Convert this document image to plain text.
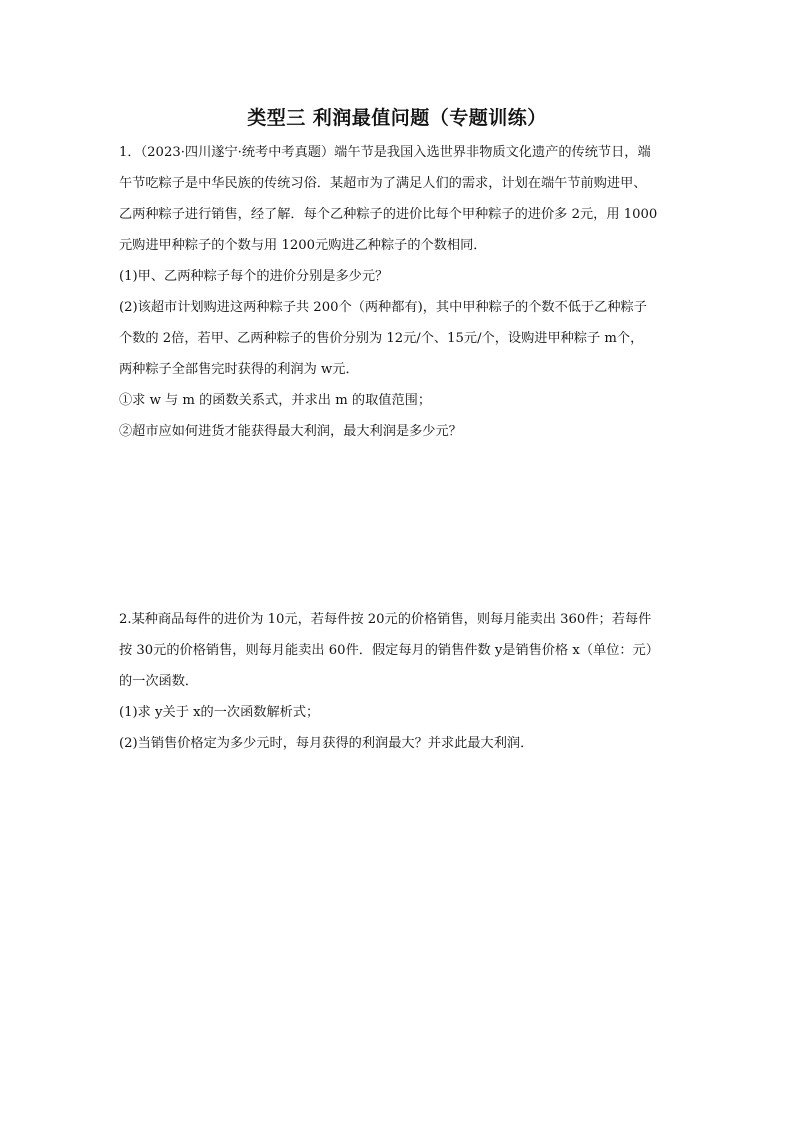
类型三 利润最值问题（专题训练）
1．（2023·四川遂宁·统考中考真题）端午节是我国入选世界非物质文化遗产的传统节日，端
午节吃粽子是中华民族的传统习俗．某超市为了满足人们的需求，计划在端午节前购进甲、
乙两种粽子进行销售，经了解．每个乙种粽子的进价比每个甲种粽子的进价多 2元，用 1000
元购进甲种粽子的个数与用 1200元购进乙种粽子的个数相同．
(1)甲、乙两种粽子每个的进价分别是多少元？
(2)该超市计划购进这两种粽子共 200个（两种都有)，其中甲种粽子的个数不低于乙种粽子
个数的 2倍，若甲、乙两种粽子的售价分别为 12元/个、15元/个，设购进甲种粽子 m个，
两种粽子全部售完时获得的利润为 w元．
①求 w 与 m 的函数关系式，并求出 m 的取值范围；
②超市应如何进货才能获得最大利润，最大利润是多少元？
2.某种商品每件的进价为 10元，若每件按 20元的价格销售，则每月能卖出 360件；若每件
按 30元的价格销售，则每月能卖出 60件．假定每月的销售件数 y是销售价格 x（单位：元）
的一次函数．
(1)求 y关于 x的一次函数解析式；
(2)当销售价格定为多少元时，每月获得的利润最大？并求此最大利润．
